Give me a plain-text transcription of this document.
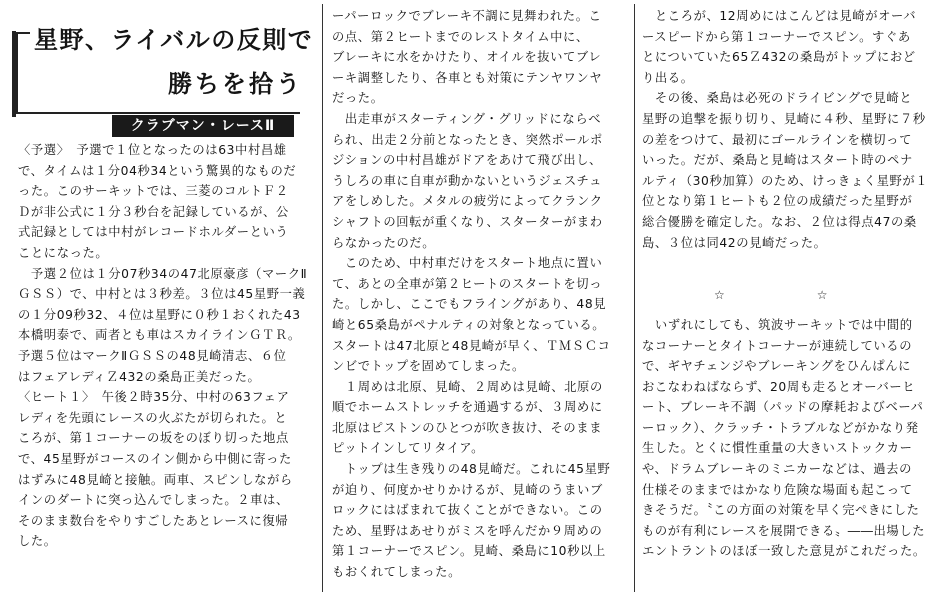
星野、ライバルの反則で
勝ちを拾う
クラブマン・レースⅡ
〈予選〉　予選で１位となったのは63中村昌雄
で、タイムは１分04秒34という驚異的なものだ
った。このサーキットでは、三菱のコルトＦ２
Ｄが非公式に１分３秒台を記録しているが、公
式記録としては中村がレコードホルダーという
ことになった。
　予選２位は１分07秒34の47北原豪彦（マークⅡ
ＧＳＳ）で、中村とは３秒差。３位は45星野一義
の１分09秒32、４位は星野に０秒１おくれた43
本橋明泰で、両者とも車はスカイラインＧＴＲ。
予選５位はマークⅡＧＳＳの48見崎清志、６位
はフェアレディＺ432の桑島正美だった。
〈ヒート１〉　午後２時35分、中村の63フェア
レディを先頭にレースの火ぶたが切られた。と
ころが、第１コーナーの坂をのぼり切った地点
で、45星野がコースのイン側から中側に寄った
はずみに48見崎と接触。両車、スピンしながら
インのダートに突っ込んでしまった。２車は、
そのまま数台をやりすごしたあとレースに復帰
した。
ーパーロックでブレーキ不調に見舞われた。こ
の点、第２ヒートまでのレストタイム中に、
ブレーキに水をかけたり、オイルを抜いてブレ
ーキ調整したり、各車とも対策にテンヤワンヤ
だった。
　出走車がスターティング・グリッドにならべ
られ、出走２分前となったとき、突然ポールポ
ジションの中村昌雄がドアをあけて飛び出し、
うしろの車に自車が動かないというジェスチュ
アをしめした。メタルの疲労によってクランク
シャフトの回転が重くなり、スターターがまわ
らなかったのだ。
　このため、中村車だけをスタート地点に置い
て、あとの全車が第２ヒートのスタートを切っ
た。しかし、ここでもフライングがあり、48見
崎と65桑島がペナルティの対象となっている。
スタートは47北原と48見崎が早く、ＴＭＳＣコ
ンビでトップを固めてしまった。
　１周めは北原、見崎、２周めは見崎、北原の
順でホームストレッチを通過するが、３周めに
北原はピストンのひとつが吹き抜け、そのまま
ピットインしてリタイア。
　トップは生き残りの48見崎だ。これに45星野
が迫り、何度かせりかけるが、見崎のうまいブ
ロックにはばまれて抜くことができない。この
ため、星野はあせりがミスを呼んだか９周めの
第１コーナーでスピン。見崎、桑島に10秒以上
もおくれてしまった。
　ところが、12周めにはこんどは見崎がオーバ
ースピードから第１コーナーでスピン。すぐあ
とについていた65Ｚ432の桑島がトップにおど
り出る。
　その後、桑島は必死のドライビングで見崎と
星野の追撃を振り切り、見崎に４秒、星野に７秒
の差をつけて、最初にゴールラインを横切って
いった。だが、桑島と見崎はスタート時のペナ
ルティ（30秒加算）のため、けっきょく星野が１
位となり第１ヒートも２位の成績だった星野が
総合優勝を確定した。なお、２位は得点47の桑
島、３位は同42の見崎だった。
　いずれにしても、筑波サーキットでは中間的
なコーナーとタイトコーナーが連続しているの
で、ギヤチェンジやブレーキングをひんぱんに
おこなわねばならず、20周も走るとオーバーヒ
ート、ブレーキ不調（パッドの摩耗およびベーパ
ーロック）、クラッチ・トラブルなどがかなり発
生した。とくに慣性重量の大きいストックカー
や、ドラムブレーキのミニカーなどは、過去の
仕様そのままではかなり危険な場面も起こって
きそうだ。〝この方面の対策を早く完ぺきにした
ものが有利にレースを展開できる〟――出場した
エントラントのほぼ一致した意見がこれだった。
☆　☆
